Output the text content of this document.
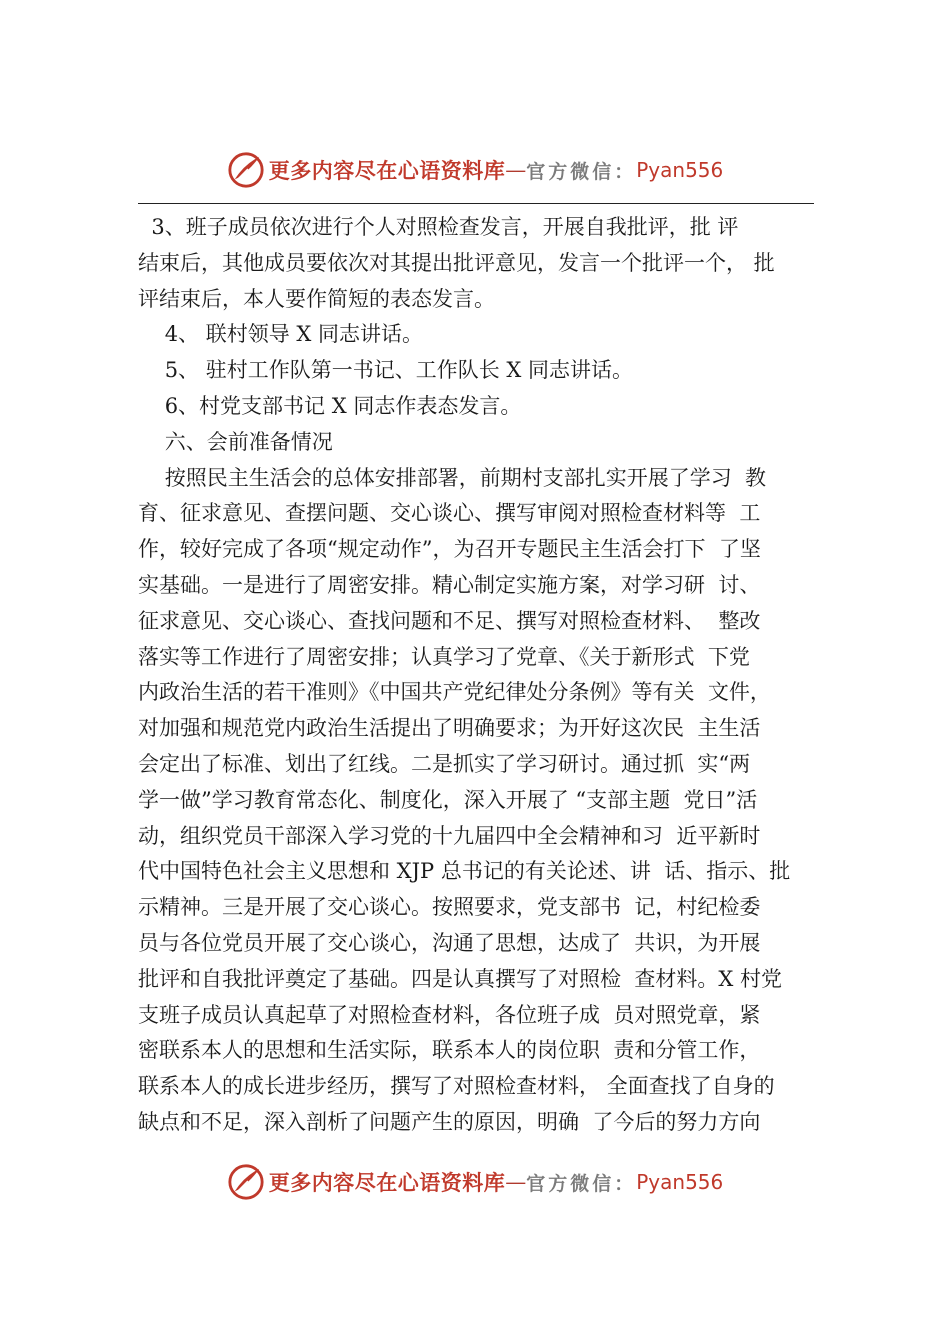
更多内容尽在心语资料库 — 官方微信： Pyan556
3、班子成员依次进行个人对照检查发言，开展自我批评，批 评
结束后，其他成员要依次对其提出批评意见，发言一个批评一个， 批
评结束后，本人要作简短的表态发言。
4、 联村领导 X 同志讲话。
5、 驻村工作队第一书记、工作队长 X 同志讲话。
6、村党支部书记 X 同志作表态发言。
六、会前准备情况
按照民主生活会的总体安排部署，前期村支部扎实开展了学习  教
育、征求意见、查摆问题、交心谈心、撰写审阅对照检查材料等  工
作，较好完成了各项“规定动作”，为召开专题民主生活会打下  了坚
实基础。一是进行了周密安排。精心制定实施方案，对学习研  讨、
征求意见、交心谈心、查找问题和不足、撰写对照检查材料、  整改
落实等工作进行了周密安排；认真学习了党章、《关于新形式  下党
内政治生活的若干准则》《中国共产党纪律处分条例》等有关  文件，
对加强和规范党内政治生活提出了明确要求；为开好这次民  主生活
会定出了标准、划出了红线。二是抓实了学习研讨。通过抓  实“两
学一做”学习教育常态化、制度化，深入开展了 “支部主题  党日”活
动，组织党员干部深入学习党的十九届四中全会精神和习  近平新时
代中国特色社会主义思想和 XJP 总书记的有关论述、讲  话、指示、批
示精神。三是开展了交心谈心。按照要求，党支部书  记，村纪检委
员与各位党员开展了交心谈心，沟通了思想，达成了  共识，为开展
批评和自我批评奠定了基础。四是认真撰写了对照检  查材料。X 村党
支班子成员认真起草了对照检查材料，各位班子成  员对照党章，紧
密联系本人的思想和生活实际，联系本人的岗位职  责和分管工作，
联系本人的成长进步经历，撰写了对照检查材料， 全面查找了自身的
缺点和不足，深入剖析了问题产生的原因，明确  了今后的努力方向
更多内容尽在心语资料库 — 官方微信： Pyan556
